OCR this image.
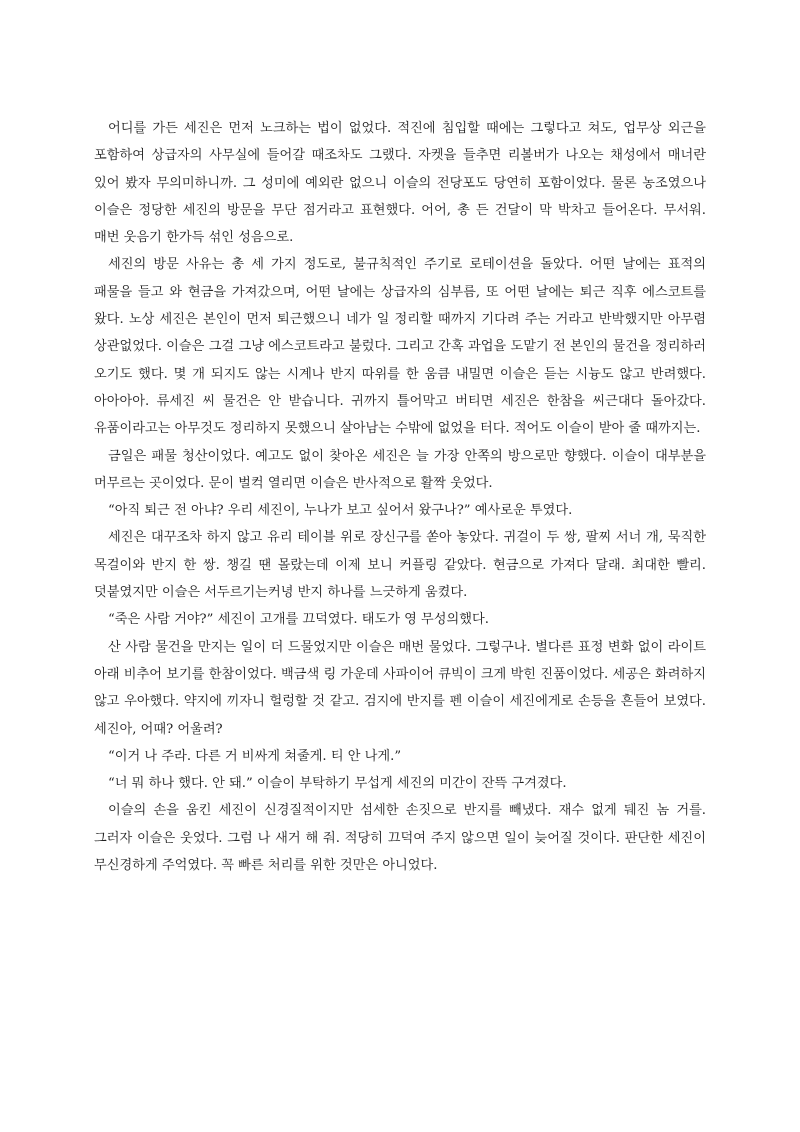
어디를 가든 세진은 먼저 노크하는 법이 없었다. 적진에 침입할 때에는 그렇다고 쳐도, 업무상 외근을 포함하여 상급자의 사무실에 들어갈 때조차도 그랬다. 자켓을 들추면 리볼버가 나오는 채성에서 매너란 있어 봤자 무의미하니까. 그 성미에 예외란 없으니 이슬의 전당포도 당연히 포함이었다. 물론 농조였으나 이슬은 정당한 세진의 방문을 무단 점거라고 표현했다. 어어, 총 든 건달이 막 박차고 들어온다. 무서워. 매번 웃음기 한가득 섞인 성음으로.

세진의 방문 사유는 총 세 가지 정도로, 불규칙적인 주기로 로테이션을 돌았다. 어떤 날에는 표적의 패물을 들고 와 현금을 가져갔으며, 어떤 날에는 상급자의 심부름, 또 어떤 날에는 퇴근 직후 에스코트를 왔다. 노상 세진은 본인이 먼저 퇴근했으니 네가 일 정리할 때까지 기다려 주는 거라고 반박했지만 아무렴 상관없었다. 이슬은 그걸 그냥 에스코트라고 불렀다. 그리고 간혹 과업을 도맡기 전 본인의 물건을 정리하러 오기도 했다. 몇 개 되지도 않는 시계나 반지 따위를 한 움큼 내밀면 이슬은 듣는 시늉도 않고 반려했다. 아아아아. 류세진 씨 물건은 안 받습니다. 귀까지 틀어막고 버티면 세진은 한참을 씨근대다 돌아갔다. 유품이라고는 아무것도 정리하지 못했으니 살아남는 수밖에 없었을 터다. 적어도 이슬이 받아 줄 때까지는.

금일은 패물 청산이었다. 예고도 없이 찾아온 세진은 늘 가장 안쪽의 방으로만 향했다. 이슬이 대부분을 머무르는 곳이었다. 문이 벌컥 열리면 이슬은 반사적으로 활짝 웃었다.

“아직 퇴근 전 아냐? 우리 세진이, 누나가 보고 싶어서 왔구나?” 예사로운 투였다.

세진은 대꾸조차 하지 않고 유리 테이블 위로 장신구를 쏟아 놓았다. 귀걸이 두 쌍, 팔찌 서너 개, 묵직한 목걸이와 반지 한 쌍. 챙길 땐 몰랐는데 이제 보니 커플링 같았다. 현금으로 가져다 달래. 최대한 빨리. 덧붙였지만 이슬은 서두르기는커녕 반지 하나를 느긋하게 움켰다.

“죽은 사람 거야?” 세진이 고개를 끄덕였다. 태도가 영 무성의했다.

산 사람 물건을 만지는 일이 더 드물었지만 이슬은 매번 물었다. 그렇구나. 별다른 표정 변화 없이 라이트 아래 비추어 보기를 한참이었다. 백금색 링 가운데 사파이어 큐빅이 크게 박힌 진품이었다. 세공은 화려하지 않고 우아했다. 약지에 끼자니 헐렁할 것 같고. 검지에 반지를 펜 이슬이 세진에게로 손등을 흔들어 보였다. 세진아, 어때? 어울려?

“이거 나 주라. 다른 거 비싸게 쳐줄게. 티 안 나게.”

“너 뭐 하나 했다. 안 돼.” 이슬이 부탁하기 무섭게 세진의 미간이 잔뜩 구겨졌다.

이슬의 손을 움킨 세진이 신경질적이지만 섬세한 손짓으로 반지를 빼냈다. 재수 없게 뒈진 놈 거를. 그러자 이슬은 웃었다. 그럼 나 새거 해 줘. 적당히 끄덕여 주지 않으면 일이 늦어질 것이다. 판단한 세진이 무신경하게 주억였다. 꼭 빠른 처리를 위한 것만은 아니었다.
